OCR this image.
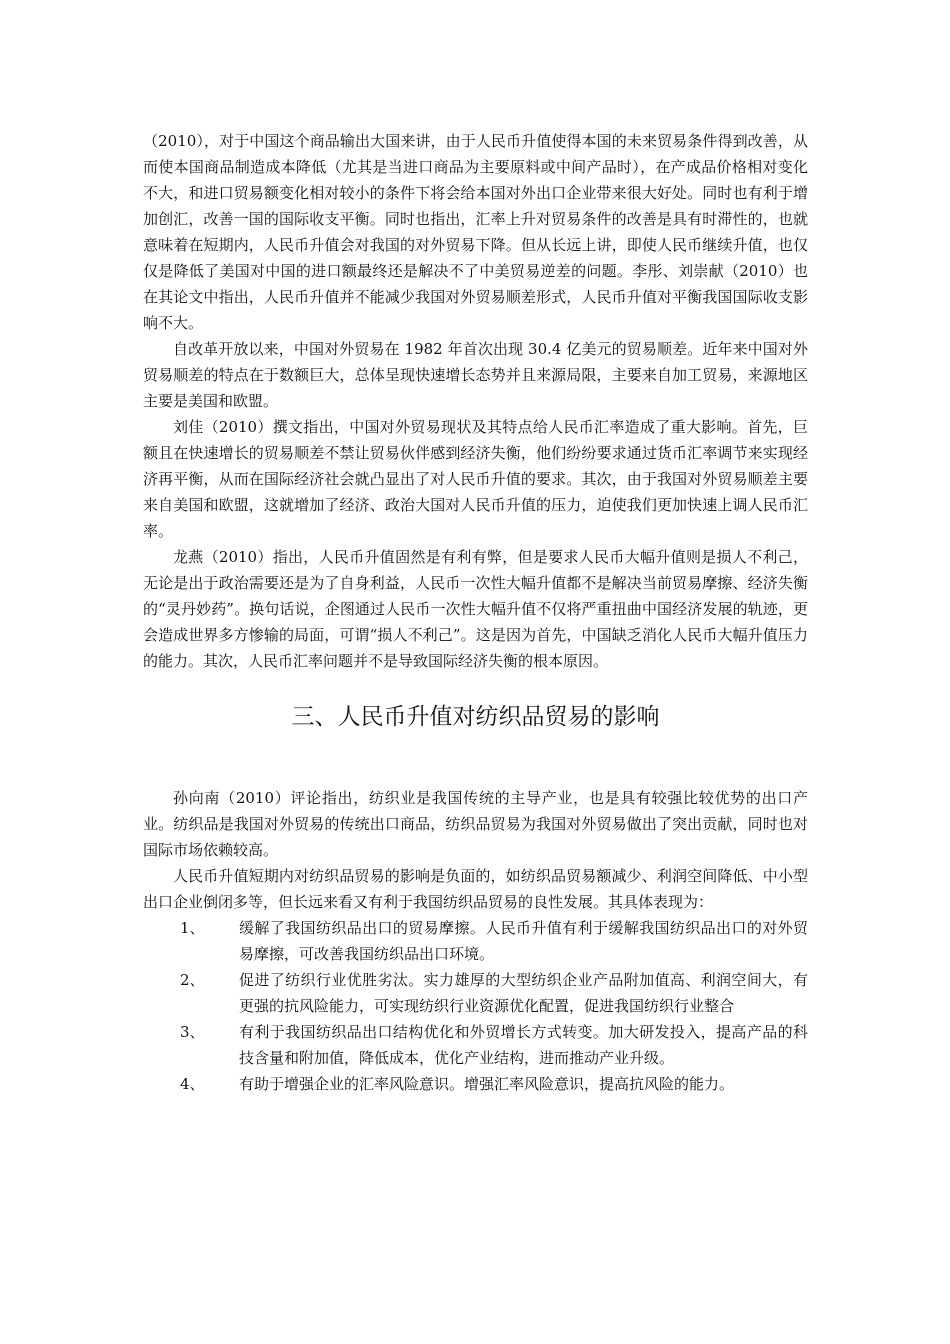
（2010），对于中国这个商品输出大国来讲，由于人民币升值使得本国的未来贸易条件得到改善，从而使本国商品制造成本降低（尤其是当进口商品为主要原料或中间产品时），在产成品价格相对变化不大，和进口贸易额变化相对较小的条件下将会给本国对外出口企业带来很大好处。同时也有利于增加创汇，改善一国的国际收支平衡。同时也指出，汇率上升对贸易条件的改善是具有时滞性的，也就意味着在短期内，人民币升值会对我国的对外贸易下降。但从长远上讲，即使人民币继续升值，也仅仅是降低了美国对中国的进口额最终还是解决不了中美贸易逆差的问题。李彤、刘崇献（2010）也在其论文中指出，人民币升值并不能减少我国对外贸易顺差形式，人民币升值对平衡我国国际收支影响不大。

自改革开放以来，中国对外贸易在 1982 年首次出现 30.4 亿美元的贸易顺差。近年来中国对外贸易顺差的特点在于数额巨大，总体呈现快速增长态势并且来源局限，主要来自加工贸易，来源地区主要是美国和欧盟。

刘佳（2010）撰文指出，中国对外贸易现状及其特点给人民币汇率造成了重大影响。首先，巨额且在快速增长的贸易顺差不禁让贸易伙伴感到经济失衡，他们纷纷要求通过货币汇率调节来实现经济再平衡，从而在国际经济社会就凸显出了对人民币升值的要求。其次，由于我国对外贸易顺差主要来自美国和欧盟，这就增加了经济、政治大国对人民币升值的压力，迫使我们更加快速上调人民币汇率。

龙燕（2010）指出，人民币升值固然是有利有弊，但是要求人民币大幅升值则是损人不利己，无论是出于政治需要还是为了自身利益，人民币一次性大幅升值都不是解决当前贸易摩擦、经济失衡的“灵丹妙药”。换句话说，企图通过人民币一次性大幅升值不仅将严重扭曲中国经济发展的轨迹，更会造成世界多方惨输的局面，可谓“损人不利己”。这是因为首先，中国缺乏消化人民币大幅升值压力的能力。其次，人民币汇率问题并不是导致国际经济失衡的根本原因。

三、人民币升值对纺织品贸易的影响

孙向南（2010）评论指出，纺织业是我国传统的主导产业，也是具有较强比较优势的出口产业。纺织品是我国对外贸易的传统出口商品，纺织品贸易为我国对外贸易做出了突出贡献，同时也对国际市场依赖较高。

人民币升值短期内对纺织品贸易的影响是负面的，如纺织品贸易额减少、利润空间降低、中小型出口企业倒闭多等，但长远来看又有利于我国纺织品贸易的良性发展。其具体表现为：

1、	缓解了我国纺织品出口的贸易摩擦。人民币升值有利于缓解我国纺织品出口的对外贸易摩擦，可改善我国纺织品出口环境。
2、	促进了纺织行业优胜劣汰。实力雄厚的大型纺织企业产品附加值高、利润空间大，有更强的抗风险能力，可实现纺织行业资源优化配置，促进我国纺织行业整合
3、	有利于我国纺织品出口结构优化和外贸增长方式转变。加大研发投入，提高产品的科技含量和附加值，降低成本，优化产业结构，进而推动产业升级。
4、	有助于增强企业的汇率风险意识。增强汇率风险意识，提高抗风险的能力。
